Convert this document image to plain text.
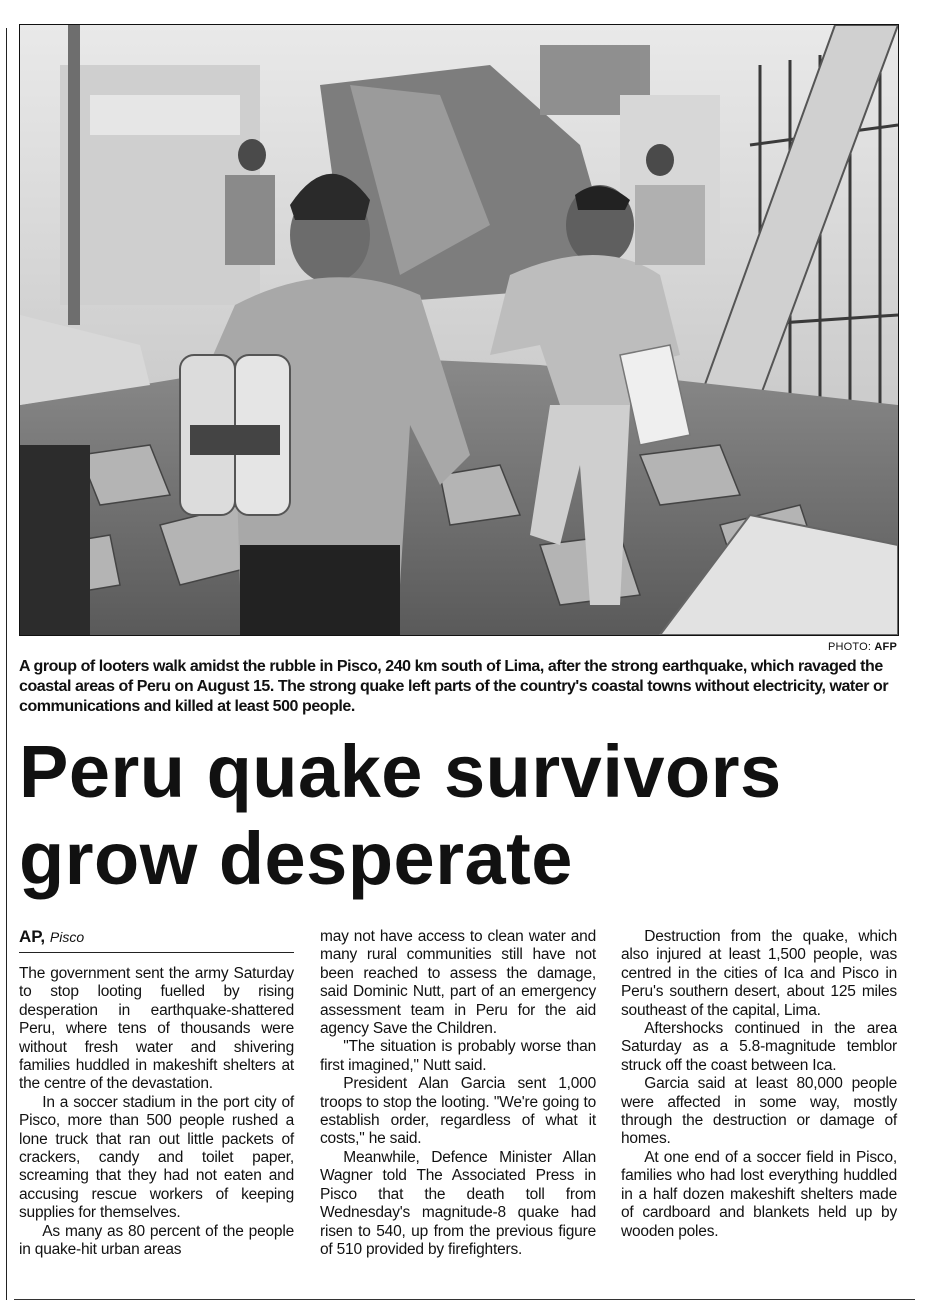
PHOTO: AFP
A group of looters walk amidst the rubble in Pisco, 240 km south of Lima, after the strong earthquake, which ravaged the coastal areas of Peru on August 15. The strong quake left parts of the country's coastal towns without electricity, water or communications and killed at least 500 people.
Peru quake survivors
grow desperate
AP, Pisco

The government sent the army Saturday to stop looting fuelled by rising desperation in earthquake-shattered Peru, where tens of thousands were without fresh water and shivering families huddled in makeshift shelters at the centre of the devastation.

In a soccer stadium in the port city of Pisco, more than 500 people rushed a lone truck that ran out little packets of crackers, candy and toilet paper, screaming that they had not eaten and accusing rescue workers of keeping supplies for themselves.

As many as 80 percent of the people in quake-hit urban areas

may not have access to clean water and many rural communities still have not been reached to assess the damage, said Dominic Nutt, part of an emergency assessment team in Peru for the aid agency Save the Children.

"The situation is probably worse than first imagined," Nutt said.

President Alan Garcia sent 1,000 troops to stop the looting. "We're going to establish order, regardless of what it costs," he said.

Meanwhile, Defence Minister Allan Wagner told The Associated Press in Pisco that the death toll from Wednesday's magnitude-8 quake had risen to 540, up from the previous figure of 510 provided by firefighters.

Destruction from the quake, which also injured at least 1,500 people, was centred in the cities of Ica and Pisco in Peru's southern desert, about 125 miles southeast of the capital, Lima.

Aftershocks continued in the area Saturday as a 5.8-magnitude temblor struck off the coast between Ica.

Garcia said at least 80,000 people were affected in some way, mostly through the destruction or damage of homes.

At one end of a soccer field in Pisco, families who had lost everything huddled in a half dozen makeshift shelters made of cardboard and blankets held up by wooden poles.
